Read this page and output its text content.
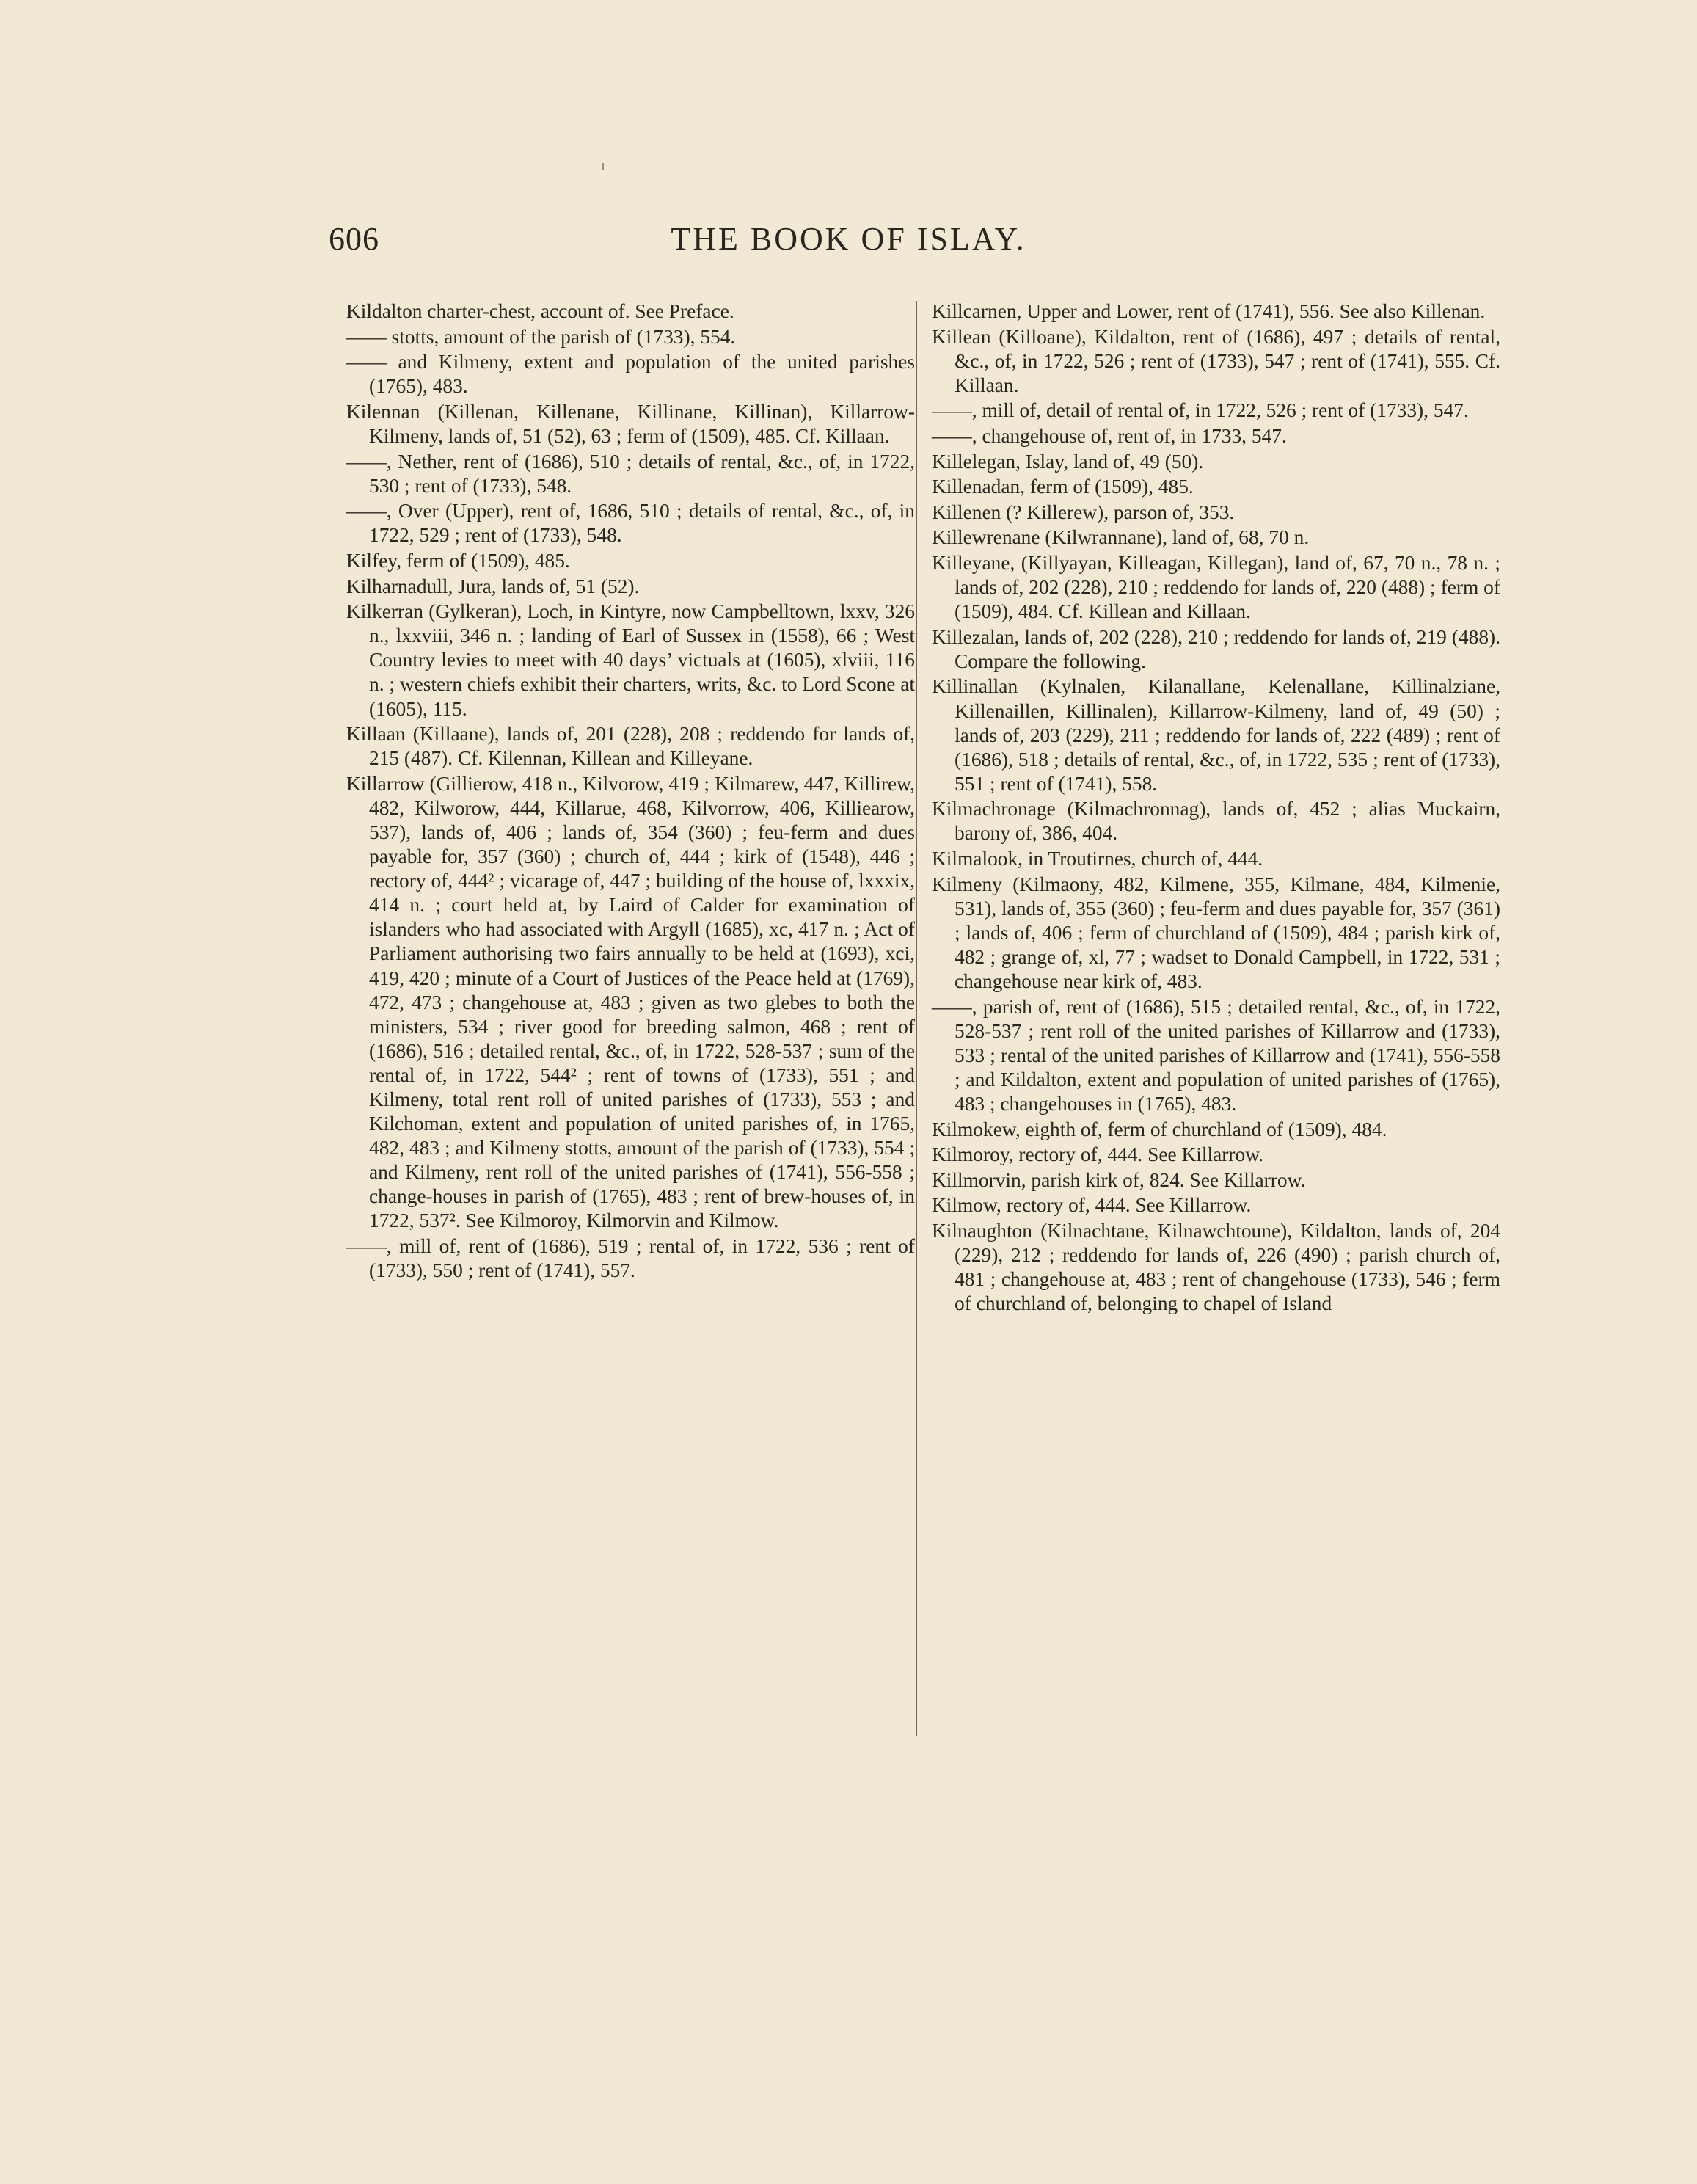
606	THE BOOK OF ISLAY.

Kildalton charter-chest, account of. See Preface.

—— stotts, amount of the parish of (1733), 554.

—— and Kilmeny, extent and population of the united parishes (1765), 483.

Kilennan (Killenan, Killenane, Killinane, Killinan), Killarrow-Kilmeny, lands of, 51 (52), 63 ; ferm of (1509), 485. Cf. Killaan.

——, Nether, rent of (1686), 510 ; details of rental, &c., of, in 1722, 530 ; rent of (1733), 548.

——, Over (Upper), rent of, 1686, 510 ; details of rental, &c., of, in 1722, 529 ; rent of (1733), 548.

Kilfey, ferm of (1509), 485.

Kilharnadull, Jura, lands of, 51 (52).

Kilkerran (Gylkeran), Loch, in Kintyre, now Campbelltown, lxxv, 326 n., lxxviii, 346 n. ; landing of Earl of Sussex in (1558), 66 ; West Country levies to meet with 40 days’ victuals at (1605), xlviii, 116 n. ; western chiefs exhibit their charters, writs, &c. to Lord Scone at (1605), 115.

Killaan (Killaane), lands of, 201 (228), 208 ; reddendo for lands of, 215 (487). Cf. Kilennan, Killean and Killeyane.

Killarrow (Gillierow, 418 n., Kilvorow, 419 ; Kilmarew, 447, Killirew, 482, Kilworow, 444, Killarue, 468, Kilvorrow, 406, Killiearow, 537), lands of, 406 ; lands of, 354 (360) ; feu-ferm and dues payable for, 357 (360) ; church of, 444 ; kirk of (1548), 446 ; rectory of, 444² ; vicarage of, 447 ; building of the house of, lxxxix, 414 n. ; court held at, by Laird of Calder for examination of islanders who had associated with Argyll (1685), xc, 417 n. ; Act of Parliament authorising two fairs annually to be held at (1693), xci, 419, 420 ; minute of a Court of Justices of the Peace held at (1769), 472, 473 ; changehouse at, 483 ; given as two glebes to both the ministers, 534 ; river good for breeding salmon, 468 ; rent of (1686), 516 ; detailed rental, &c., of, in 1722, 528-537 ; sum of the rental of, in 1722, 544² ; rent of towns of (1733), 551 ; and Kilmeny, total rent roll of united parishes of (1733), 553 ; and Kilchoman, extent and population of united parishes of, in 1765, 482, 483 ; and Kilmeny stotts, amount of the parish of (1733), 554 ; and Kilmeny, rent roll of the united parishes of (1741), 556-558 ; change-houses in parish of (1765), 483 ; rent of brew-houses of, in 1722, 537². See Kilmoroy, Kilmorvin and Kilmow.

——, mill of, rent of (1686), 519 ; rental of, in 1722, 536 ; rent of (1733), 550 ; rent of (1741), 557.

Killcarnen, Upper and Lower, rent of (1741), 556. See also Killenan.

Killean (Killoane), Kildalton, rent of (1686), 497 ; details of rental, &c., of, in 1722, 526 ; rent of (1733), 547 ; rent of (1741), 555. Cf. Killaan.

——, mill of, detail of rental of, in 1722, 526 ; rent of (1733), 547.

——, changehouse of, rent of, in 1733, 547.

Killelegan, Islay, land of, 49 (50).

Killenadan, ferm of (1509), 485.

Killenen (? Killerew), parson of, 353.

Killewrenane (Kilwrannane), land of, 68, 70 n.

Killeyane, (Killyayan, Killeagan, Killegan), land of, 67, 70 n., 78 n. ; lands of, 202 (228), 210 ; reddendo for lands of, 220 (488) ; ferm of (1509), 484. Cf. Killean and Killaan.

Killezalan, lands of, 202 (228), 210 ; reddendo for lands of, 219 (488). Compare the following.

Killinallan (Kylnalen, Kilanallane, Kelenallane, Killinalziane, Killenaillen, Killinalen), Killarrow-Kilmeny, land of, 49 (50) ; lands of, 203 (229), 211 ; reddendo for lands of, 222 (489) ; rent of (1686), 518 ; details of rental, &c., of, in 1722, 535 ; rent of (1733), 551 ; rent of (1741), 558.

Kilmachronage (Kilmachronnag), lands of, 452 ; alias Muckairn, barony of, 386, 404.

Kilmalook, in Troutirnes, church of, 444.

Kilmeny (Kilmaony, 482, Kilmene, 355, Kilmane, 484, Kilmenie, 531), lands of, 355 (360) ; feu-ferm and dues payable for, 357 (361) ; lands of, 406 ; ferm of churchland of (1509), 484 ; parish kirk of, 482 ; grange of, xl, 77 ; wadset to Donald Campbell, in 1722, 531 ; changehouse near kirk of, 483.

——, parish of, rent of (1686), 515 ; detailed rental, &c., of, in 1722, 528-537 ; rent roll of the united parishes of Killarrow and (1733), 533 ; rental of the united parishes of Killarrow and (1741), 556-558 ; and Kildalton, extent and population of united parishes of (1765), 483 ; changehouses in (1765), 483.

Kilmokew, eighth of, ferm of churchland of (1509), 484.

Kilmoroy, rectory of, 444. See Killarrow.

Killmorvin, parish kirk of, 824. See Killarrow.

Kilmow, rectory of, 444. See Killarrow.

Kilnaughton (Kilnachtane, Kilnawchtoune), Kildalton, lands of, 204 (229), 212 ; reddendo for lands of, 226 (490) ; parish church of, 481 ; changehouse at, 483 ; rent of changehouse (1733), 546 ; ferm of churchland of, belonging to chapel of Island
